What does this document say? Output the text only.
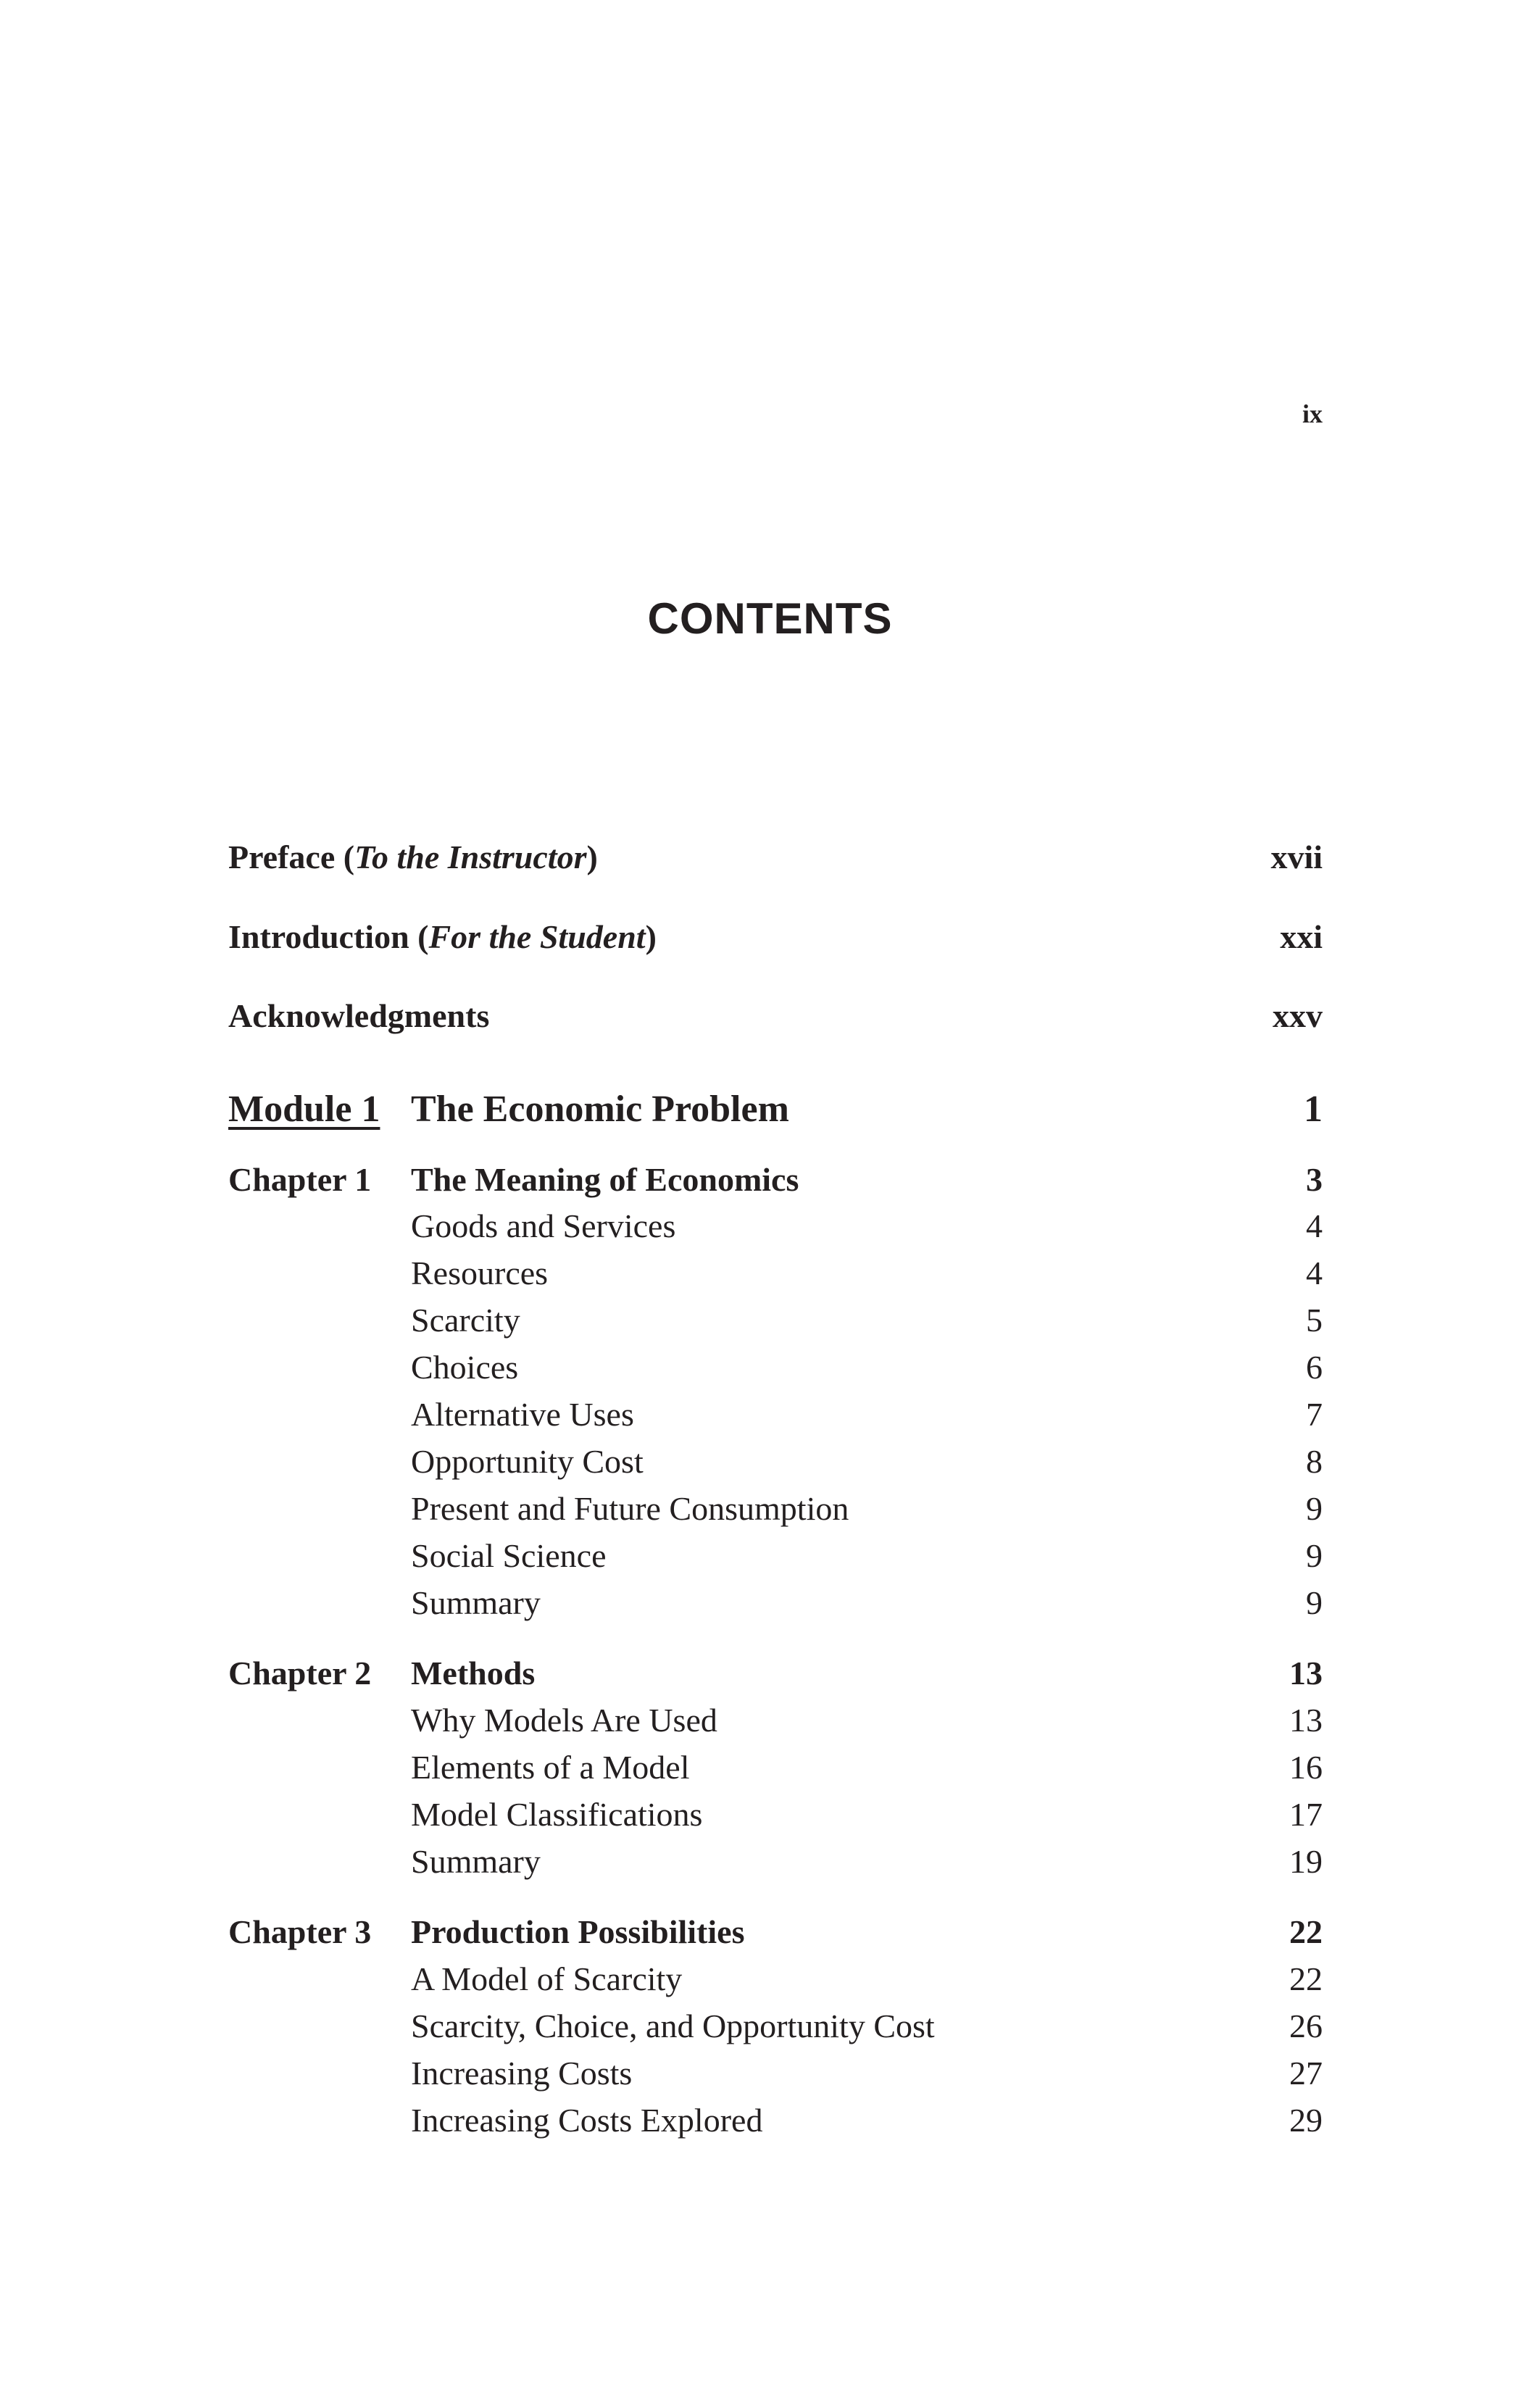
ix
CONTENTS
Preface (To the Instructor)	xvii
Introduction (For the Student)	xxi
Acknowledgments	xxv
Module 1 The Economic Problem	1
Chapter 1 The Meaning of Economics	3
Goods and Services	4
Resources	4
Scarcity	5
Choices	6
Alternative Uses	7
Opportunity Cost	8
Present and Future Consumption	9
Social Science	9
Summary	9
Chapter 2 Methods	13
Why Models Are Used	13
Elements of a Model	16
Model Classifications	17
Summary	19
Chapter 3 Production Possibilities	22
A Model of Scarcity	22
Scarcity, Choice, and Opportunity Cost	26
Increasing Costs	27
Increasing Costs Explored	29
